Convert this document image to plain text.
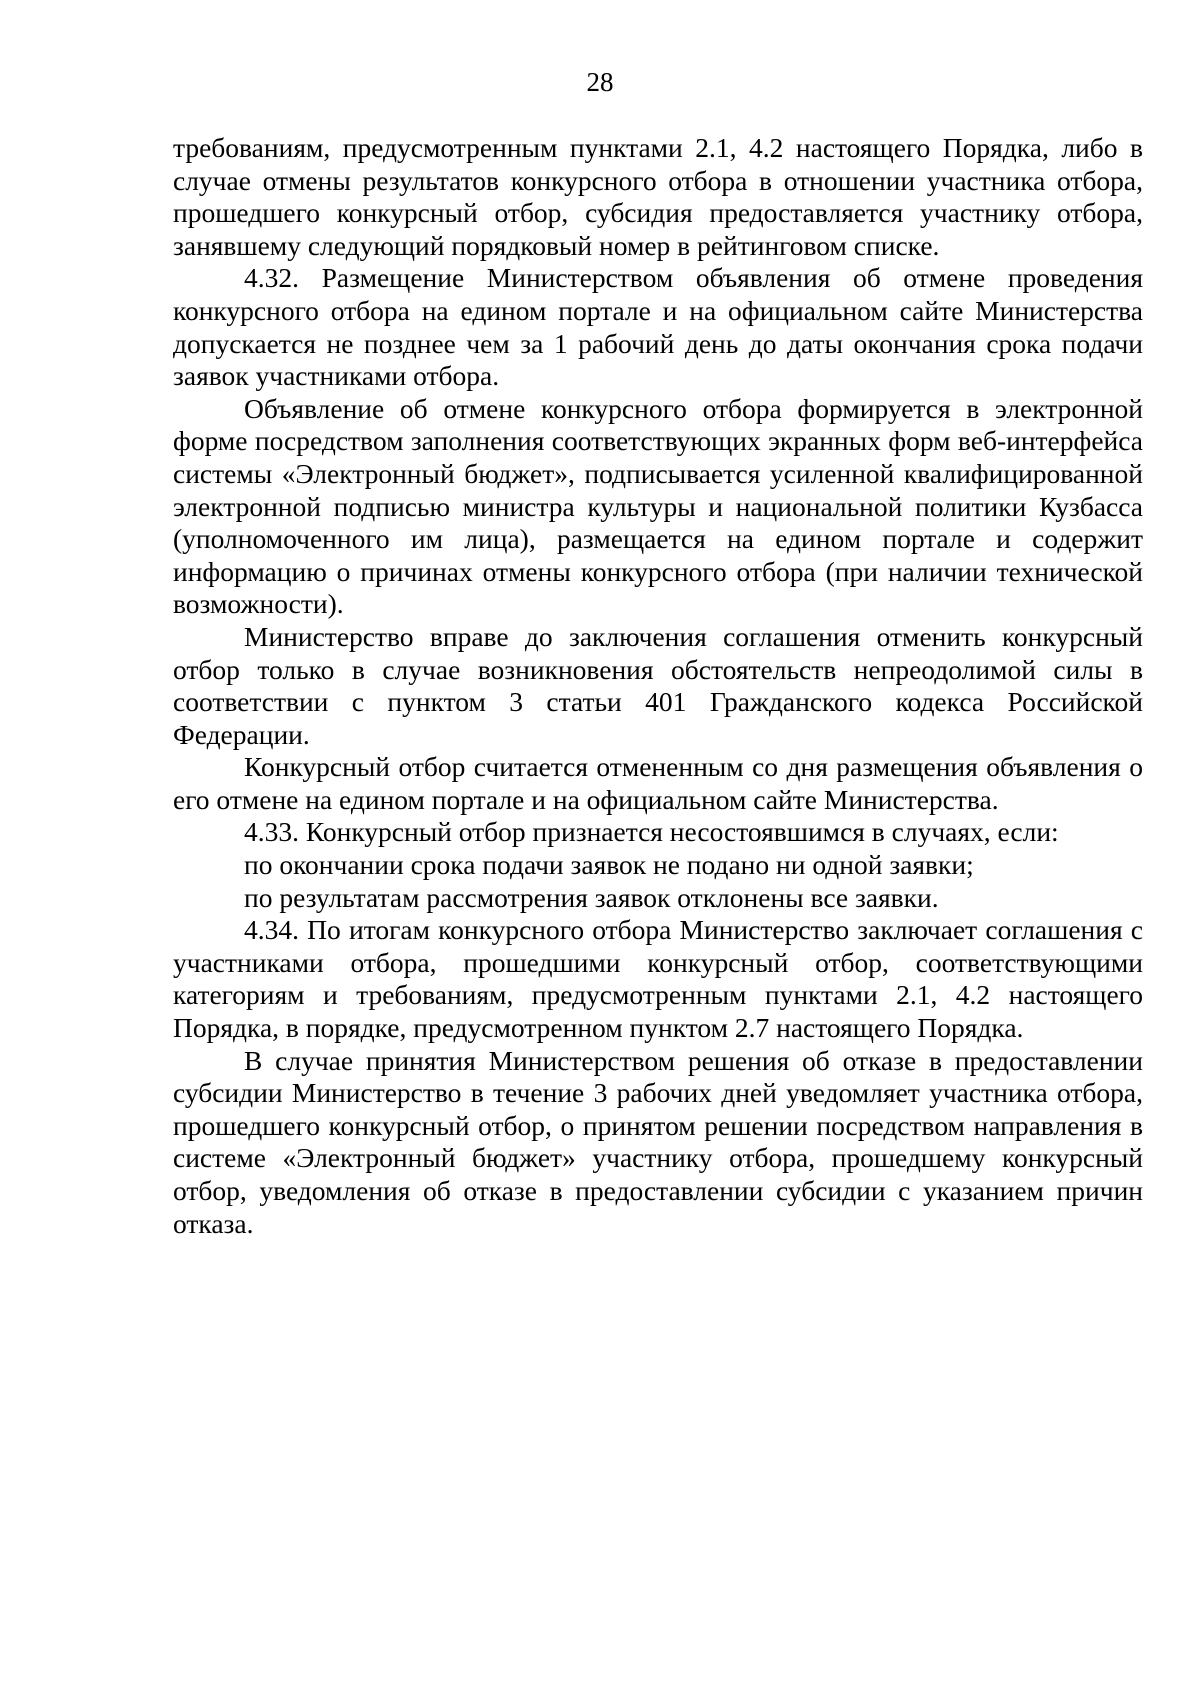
28

требованиям, предусмотренным пунктами 2.1, 4.2 настоящего Порядка, либо в случае отмены результатов конкурсного отбора в отношении участника отбора, прошедшего конкурсный отбор, субсидия предоставляется участнику отбора, занявшему следующий порядковый номер в рейтинговом списке.

4.32. Размещение Министерством объявления об отмене проведения конкурсного отбора на едином портале и на официальном сайте Министерства допускается не позднее чем за 1 рабочий день до даты окончания срока подачи заявок участниками отбора.

Объявление об отмене конкурсного отбора формируется в электронной форме посредством заполнения соответствующих экранных форм веб-интерфейса системы «Электронный бюджет», подписывается усиленной квалифицированной электронной подписью министра культуры и национальной политики Кузбасса (уполномоченного им лица), размещается на едином портале и содержит информацию о причинах отмены конкурсного отбора (при наличии технической возможности).

Министерство вправе до заключения соглашения отменить конкурсный отбор только в случае возникновения обстоятельств непреодолимой силы в соответствии с пунктом 3 статьи 401 Гражданского кодекса Российской Федерации.

Конкурсный отбор считается отмененным со дня размещения объявления о его отмене на едином портале и на официальном сайте Министерства.

4.33. Конкурсный отбор признается несостоявшимся в случаях, если:

по окончании срока подачи заявок не подано ни одной заявки;

по результатам рассмотрения заявок отклонены все заявки.

4.34. По итогам конкурсного отбора Министерство заключает соглашения с участниками отбора, прошедшими конкурсный отбор, соответствующими категориям и требованиям, предусмотренным пунктами 2.1, 4.2 настоящего Порядка, в порядке, предусмотренном пунктом 2.7 настоящего Порядка.

В случае принятия Министерством решения об отказе в предоставлении субсидии Министерство в течение 3 рабочих дней уведомляет участника отбора, прошедшего конкурсный отбор, о принятом решении посредством направления в системе «Электронный бюджет» участнику отбора, прошедшему конкурсный отбор, уведомления об отказе в предоставлении субсидии с указанием причин отказа.
